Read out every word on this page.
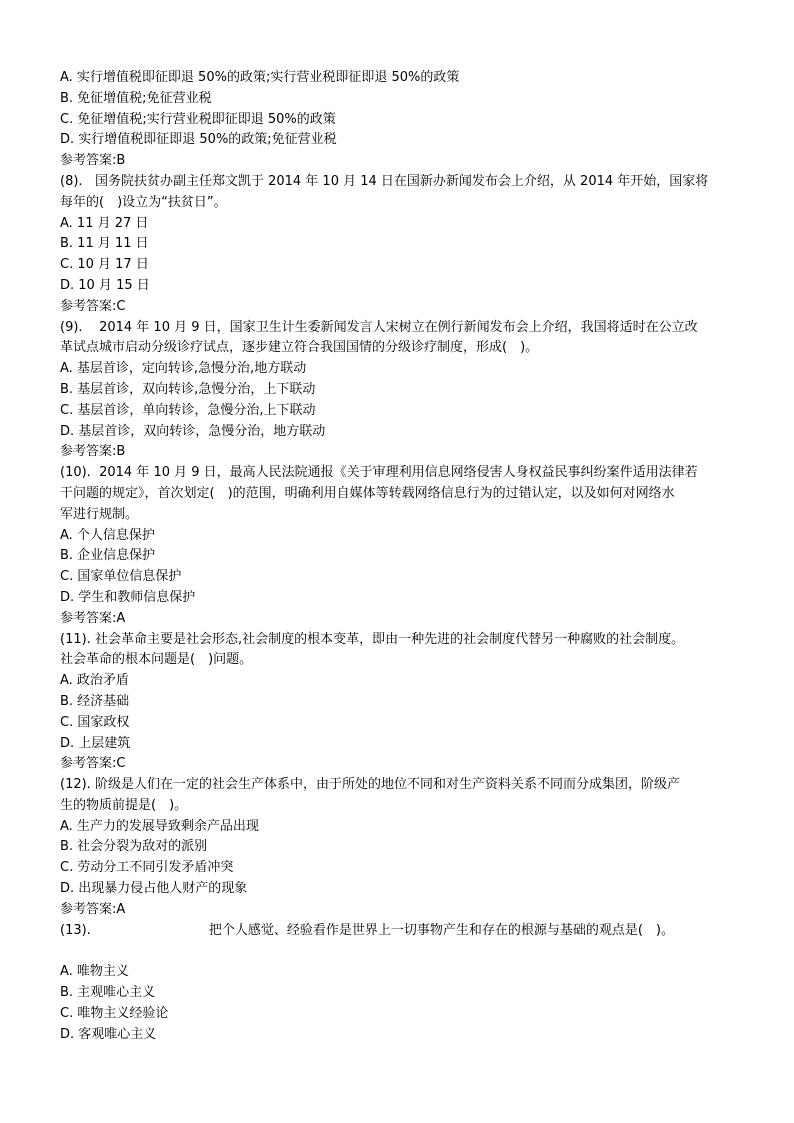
A. 实行增值税即征即退 50%的政策;实行营业税即征即退 50%的政策
B. 免征增值税;免征营业税
C. 免征增值税;实行营业税即征即退 50%的政策
D. 实行增值税即征即退 50%的政策;免征营业税
参考答案:B
(8). 国务院扶贫办副主任郑文凯于 2014 年 10 月 14 日在国新办新闻发布会上介绍，从 2014 年开始，国家将
每年的(　)设立为“扶贫日”。
A. 11 月 27 日
B. 11 月 11 日
C. 10 月 17 日
D. 10 月 15 日
参考答案:C
(9). 2014 年 10 月 9 日，国家卫生计生委新闻发言人宋树立在例行新闻发布会上介绍，我国将适时在公立改
革试点城市启动分级诊疗试点，逐步建立符合我国国情的分级诊疗制度，形成(　)。
A. 基层首诊，定向转诊,急慢分治,地方联动
B. 基层首诊，双向转诊,急慢分治，上下联动
C. 基层首诊，单向转诊，急慢分治,上下联动
D. 基层首诊，双向转诊，急慢分治，地方联动
参考答案:B
(10). 2014 年 10 月 9 日，最高人民法院通报《关于审理利用信息网络侵害人身权益民事纠纷案件适用法律若
干问题的规定》，首次划定(　)的范围，明确利用自媒体等转载网络信息行为的过错认定，以及如何对网络水
军进行规制。
A. 个人信息保护
B. 企业信息保护
C. 国家单位信息保护
D. 学生和教师信息保护
参考答案:A
(11). 社会革命主要是社会形态,社会制度的根本变革，即由一种先进的社会制度代替另一种腐败的社会制度。
社会革命的根本问题是(　)问题。
A. 政治矛盾
B. 经济基础
C. 国家政权
D. 上层建筑
参考答案:C
(12). 阶级是人们在一定的社会生产体系中，由于所处的地位不同和对生产资料关系不同而分成集团，阶级产
生的物质前提是(　)。
A. 生产力的发展导致剩余产品出现
B. 社会分裂为敌对的派别
C. 劳动分工不同引发矛盾冲突
D. 出现暴力侵占他人财产的现象
参考答案:A
(13).	把个人感觉、经验看作是世界上一切事物产生和存在的根源与基础的观点是(　)。
A. 唯物主义
B. 主观唯心主义
C. 唯物主义经验论
D. 客观唯心主义
